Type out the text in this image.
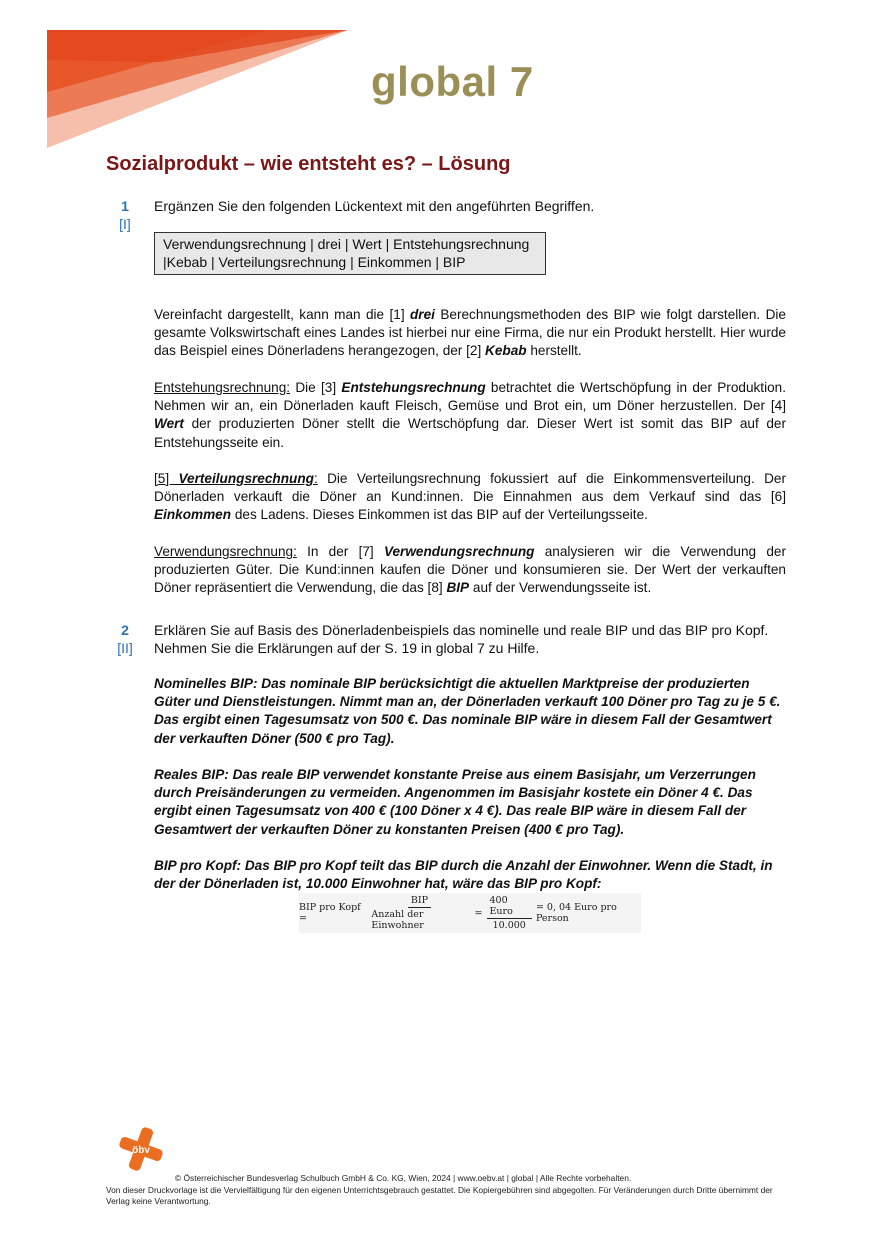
global 7
Sozialprodukt – wie entsteht es? – Lösung
1
[I]
Ergänzen Sie den folgenden Lückentext mit den angeführten Begriffen.
Verwendungsrechnung | drei | Wert | Entstehungsrechnung
|Kebab | Verteilungsrechnung | Einkommen | BIP
Vereinfacht dargestellt, kann man die [1] drei Berechnungsmethoden des BIP wie folgt darstellen. Die gesamte Volkswirtschaft eines Landes ist hierbei nur eine Firma, die nur ein Produkt herstellt. Hier wurde das Beispiel eines Dönerladens herangezogen, der [2] Kebab herstellt.
Entstehungsrechnung: Die [3] Entstehungsrechnung betrachtet die Wertschöpfung in der Produktion. Nehmen wir an, ein Dönerladen kauft Fleisch, Gemüse und Brot ein, um Döner herzustellen. Der [4] Wert der produzierten Döner stellt die Wertschöpfung dar. Dieser Wert ist somit das BIP auf der Entstehungsseite ein.
[5] Verteilungsrechnung: Die Verteilungsrechnung fokussiert auf die Einkommensverteilung. Der Dönerladen verkauft die Döner an Kund:innen. Die Einnahmen aus dem Verkauf sind das [6] Einkommen des Ladens. Dieses Einkommen ist das BIP auf der Verteilungsseite.
Verwendungsrechnung: In der [7] Verwendungsrechnung analysieren wir die Verwendung der produzierten Güter. Die Kund:innen kaufen die Döner und konsumieren sie. Der Wert der verkauften Döner repräsentiert die Verwendung, die das [8] BIP auf der Verwendungsseite ist.
2
[II]
Erklären Sie auf Basis des Dönerladenbeispiels das nominelle und reale BIP und das BIP pro Kopf.
Nehmen Sie die Erklärungen auf der S. 19 in global 7 zu Hilfe.
Nominelles BIP: Das nominale BIP berücksichtigt die aktuellen Marktpreise der produzierten Güter und Dienstleistungen. Nimmt man an, der Dönerladen verkauft 100 Döner pro Tag zu je 5 €. Das ergibt einen Tagesumsatz von 500 €. Das nominale BIP wäre in diesem Fall der Gesamtwert der verkauften Döner (500 € pro Tag).
Reales BIP: Das reale BIP verwendet konstante Preise aus einem Basisjahr, um Verzerrungen durch Preisänderungen zu vermeiden. Angenommen im Basisjahr kostete ein Döner 4 €. Das ergibt einen Tagesumsatz von 400 € (100 Döner x 4 €). Das reale BIP wäre in diesem Fall der Gesamtwert der verkauften Döner zu konstanten Preisen (400 € pro Tag).
BIP pro Kopf: Das BIP pro Kopf teilt das BIP durch die Anzahl der Einwohner. Wenn die Stadt, in der der Dönerladen ist, 10.000 Einwohner hat, wäre das BIP pro Kopf:
BIP pro Kopf =	$\frac{\text{BIP}}{\text{Anzahl der Einwohner}} = \frac{\text{400 Euro}}{10.000} = 0$, 04 Euro pro Person
öbv
© Österreichischer Bundesverlag Schulbuch GmbH & Co. KG, Wien, 2024 | www.oebv.at | global | Alle Rechte vorbehalten.
Von dieser Druckvorlage ist die Vervielfältigung für den eigenen Unterrichtsgebrauch gestattet. Die Kopiergebühren sind abgegolten. Für Veränderungen durch Dritte übernimmt der Verlag keine Verantwortung.
